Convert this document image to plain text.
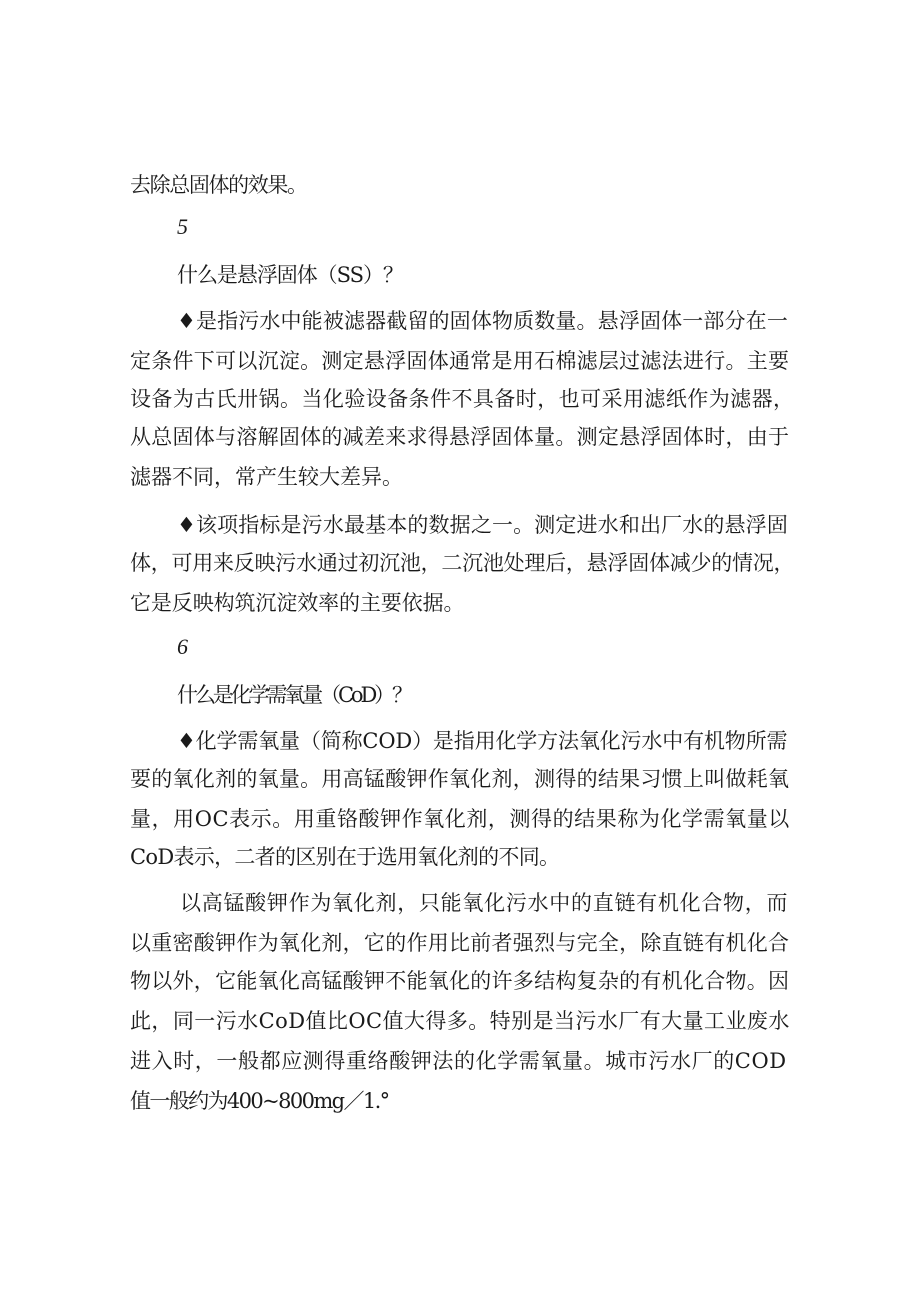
去除总固体的效果。
5
什么是悬浮固体（SS）？
♦是指污水中能被滤器截留的固体物质数量。悬浮固体一部分在一
定条件下可以沉淀。测定悬浮固体通常是用石棉滤层过滤法进行。主要
设备为古氏卅锅。当化验设备条件不具备时，也可采用滤纸作为滤器，
从总固体与溶解固体的减差来求得悬浮固体量。测定悬浮固体时，由于
滤器不同，常产生较大差异。
♦该项指标是污水最基本的数据之一。测定进水和出厂水的悬浮固
体，可用来反映污水通过初沉池，二沉池处理后，悬浮固体减少的情况，
它是反映构筑沉淀效率的主要依据。
6
什么是化学需氧量（CoD）？
♦化学需氧量（简称COD）是指用化学方法氧化污水中有机物所需
要的氧化剂的氧量。用高锰酸钾作氧化剂，测得的结果习惯上叫做耗氧
量，用OC表示。用重铬酸钾作氧化剂，测得的结果称为化学需氧量以
CoD表示，二者的区别在于选用氧化剂的不同。
以高锰酸钾作为氧化剂，只能氧化污水中的直链有机化合物，而
以重密酸钾作为氧化剂，它的作用比前者强烈与完全，除直链有机化合
物以外，它能氧化高锰酸钾不能氧化的许多结构复杂的有机化合物。因
此，同一污水CoD值比OC值大得多。特别是当污水厂有大量工业废水
进入时，一般都应测得重络酸钾法的化学需氧量。城市污水厂的COD
值一般约为400~800mg／1.°
